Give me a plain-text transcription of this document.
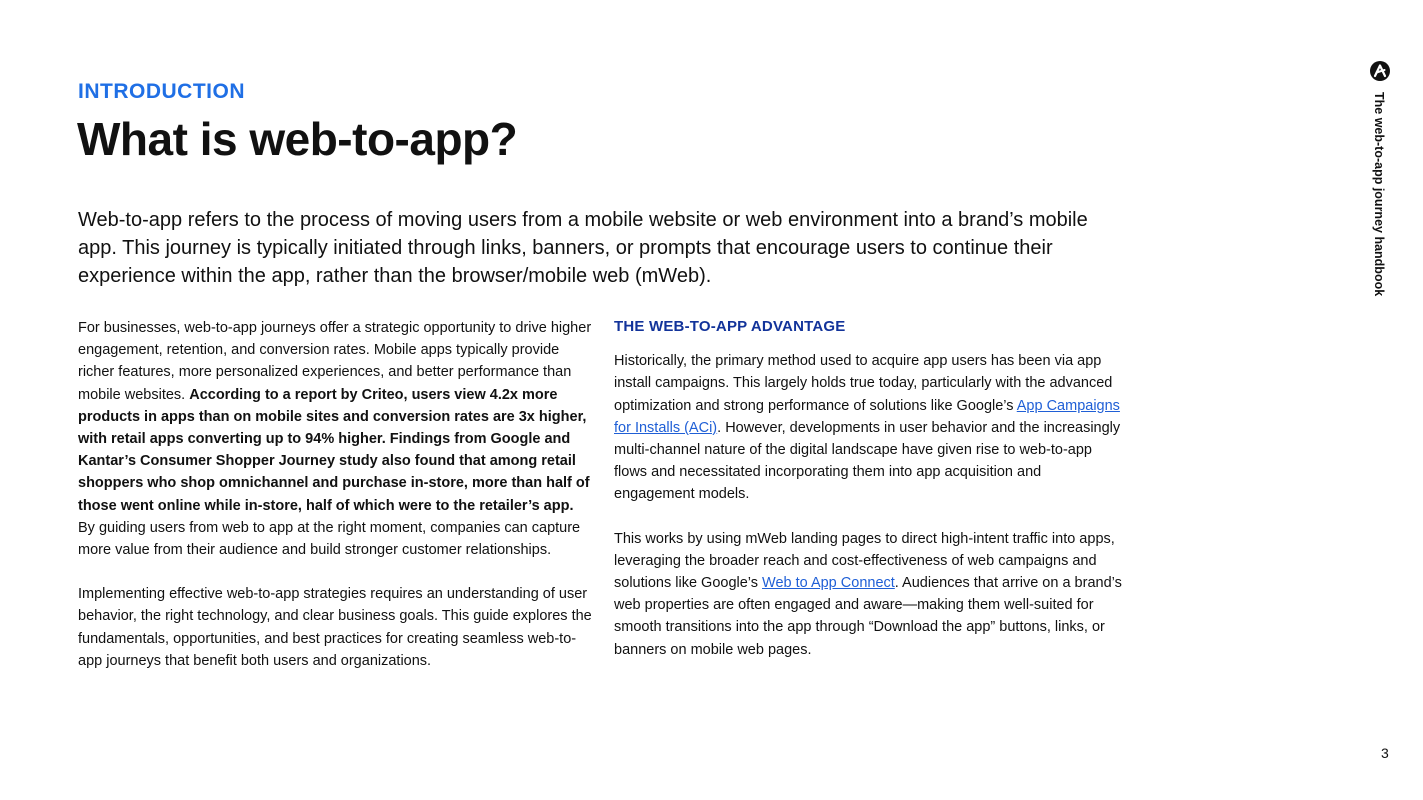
INTRODUCTION
What is web-to-app?

Web-to-app refers to the process of moving users from a mobile website or web environment into a brand’s mobile app. This journey is typically initiated through links, banners, or prompts that encourage users to continue their experience within the app, rather than the browser/mobile web (mWeb).

For businesses, web-to-app journeys offer a strategic opportunity to drive higher engagement, retention, and conversion rates. Mobile apps typically provide richer features, more personalized experiences, and better performance than mobile websites. According to a report by Criteo, users view 4.2x more products in apps than on mobile sites and conversion rates are 3x higher, with retail apps converting up to 94% higher. Findings from Google and Kantar’s Consumer Shopper Journey study also found that among retail shoppers who shop omnichannel and purchase in-store, more than half of those went online while in-store, half of which were to the retailer’s app. By guiding users from web to app at the right moment, companies can capture more value from their audience and build stronger customer relationships.

Implementing effective web-to-app strategies requires an understanding of user behavior, the right technology, and clear business goals. This guide explores the fundamentals, opportunities, and best practices for creating seamless web-to-app journeys that benefit both users and organizations.

THE WEB-TO-APP ADVANTAGE

Historically, the primary method used to acquire app users has been via app install campaigns. This largely holds true today, particularly with the advanced optimization and strong performance of solutions like Google’s App Campaigns for Installs (ACi). However, developments in user behavior and the increasingly multi-channel nature of the digital landscape have given rise to web-to-app flows and necessitated incorporating them into app acquisition and engagement models.

This works by using mWeb landing pages to direct high-intent traffic into apps, leveraging the broader reach and cost-effectiveness of web campaigns and solutions like Google’s Web to App Connect. Audiences that arrive on a brand’s web properties are often engaged and aware—making them well-suited for smooth transitions into the app through “Download the app” buttons, links, or banners on mobile web pages.

The web-to-app journey handbook
3
